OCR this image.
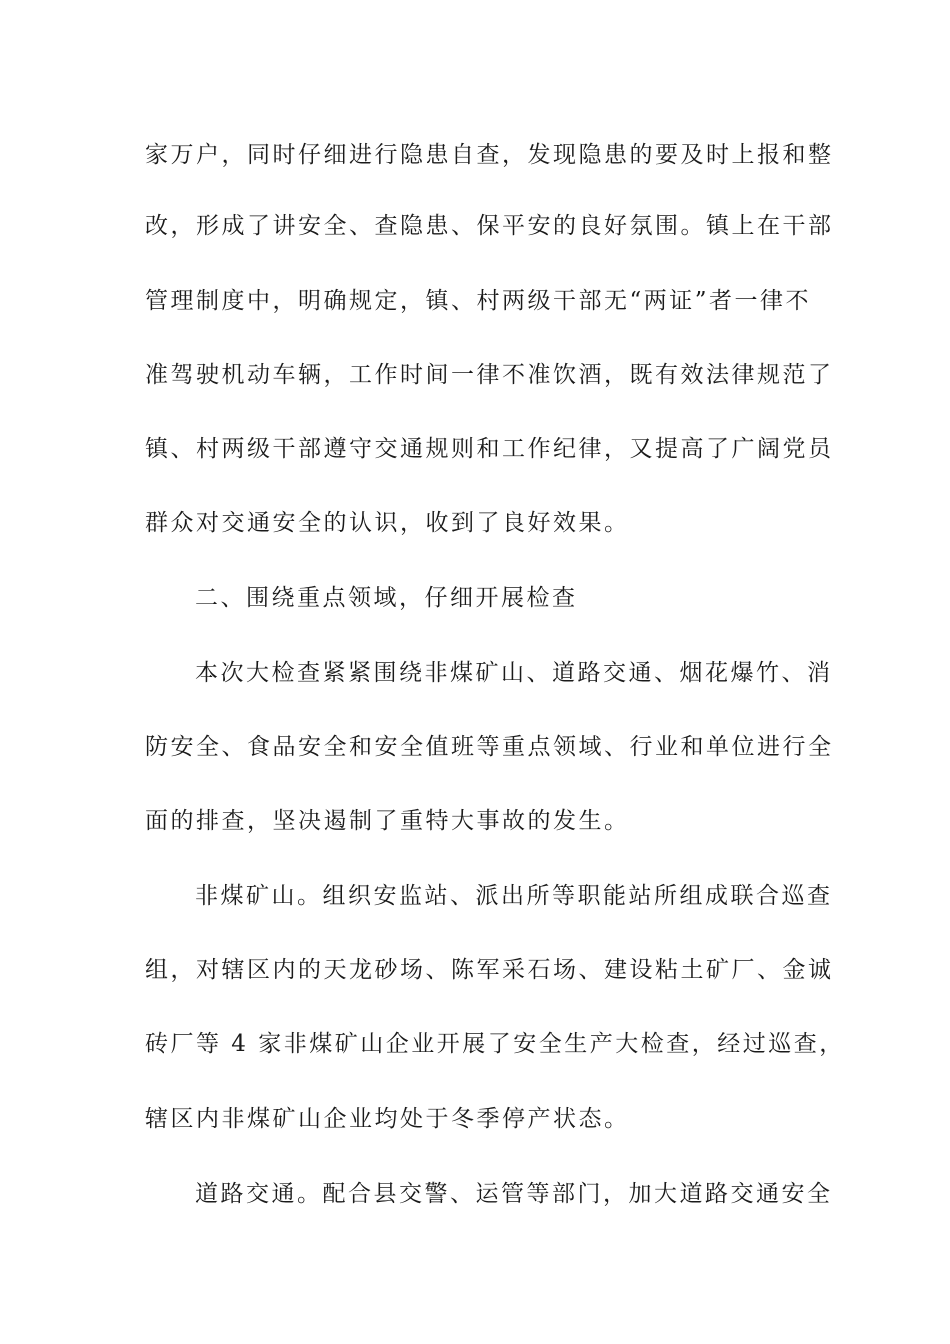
家万户，同时仔细进行隐患自查，发现隐患的要及时上报和整
改，形成了讲安全、查隐患、保平安的良好氛围。镇上在干部
管理制度中，明确规定，镇、村两级干部无“两证”者一律不
准驾驶机动车辆，工作时间一律不准饮酒，既有效法律规范了
镇、村两级干部遵守交通规则和工作纪律，又提高了广阔党员
群众对交通安全的认识，收到了良好效果。
二、围绕重点领域，仔细开展检查
本次大检查紧紧围绕非煤矿山、道路交通、烟花爆竹、消
防安全、食品安全和安全值班等重点领域、行业和单位进行全
面的排查，坚决遏制了重特大事故的发生。
非煤矿山。组织安监站、派出所等职能站所组成联合巡查
组，对辖区内的天龙砂场、陈军采石场、建设粘土矿厂、金诚
砖厂等 4 家非煤矿山企业开展了安全生产大检查，经过巡查，
辖区内非煤矿山企业均处于冬季停产状态。
道路交通。配合县交警、运管等部门，加大道路交通安全
